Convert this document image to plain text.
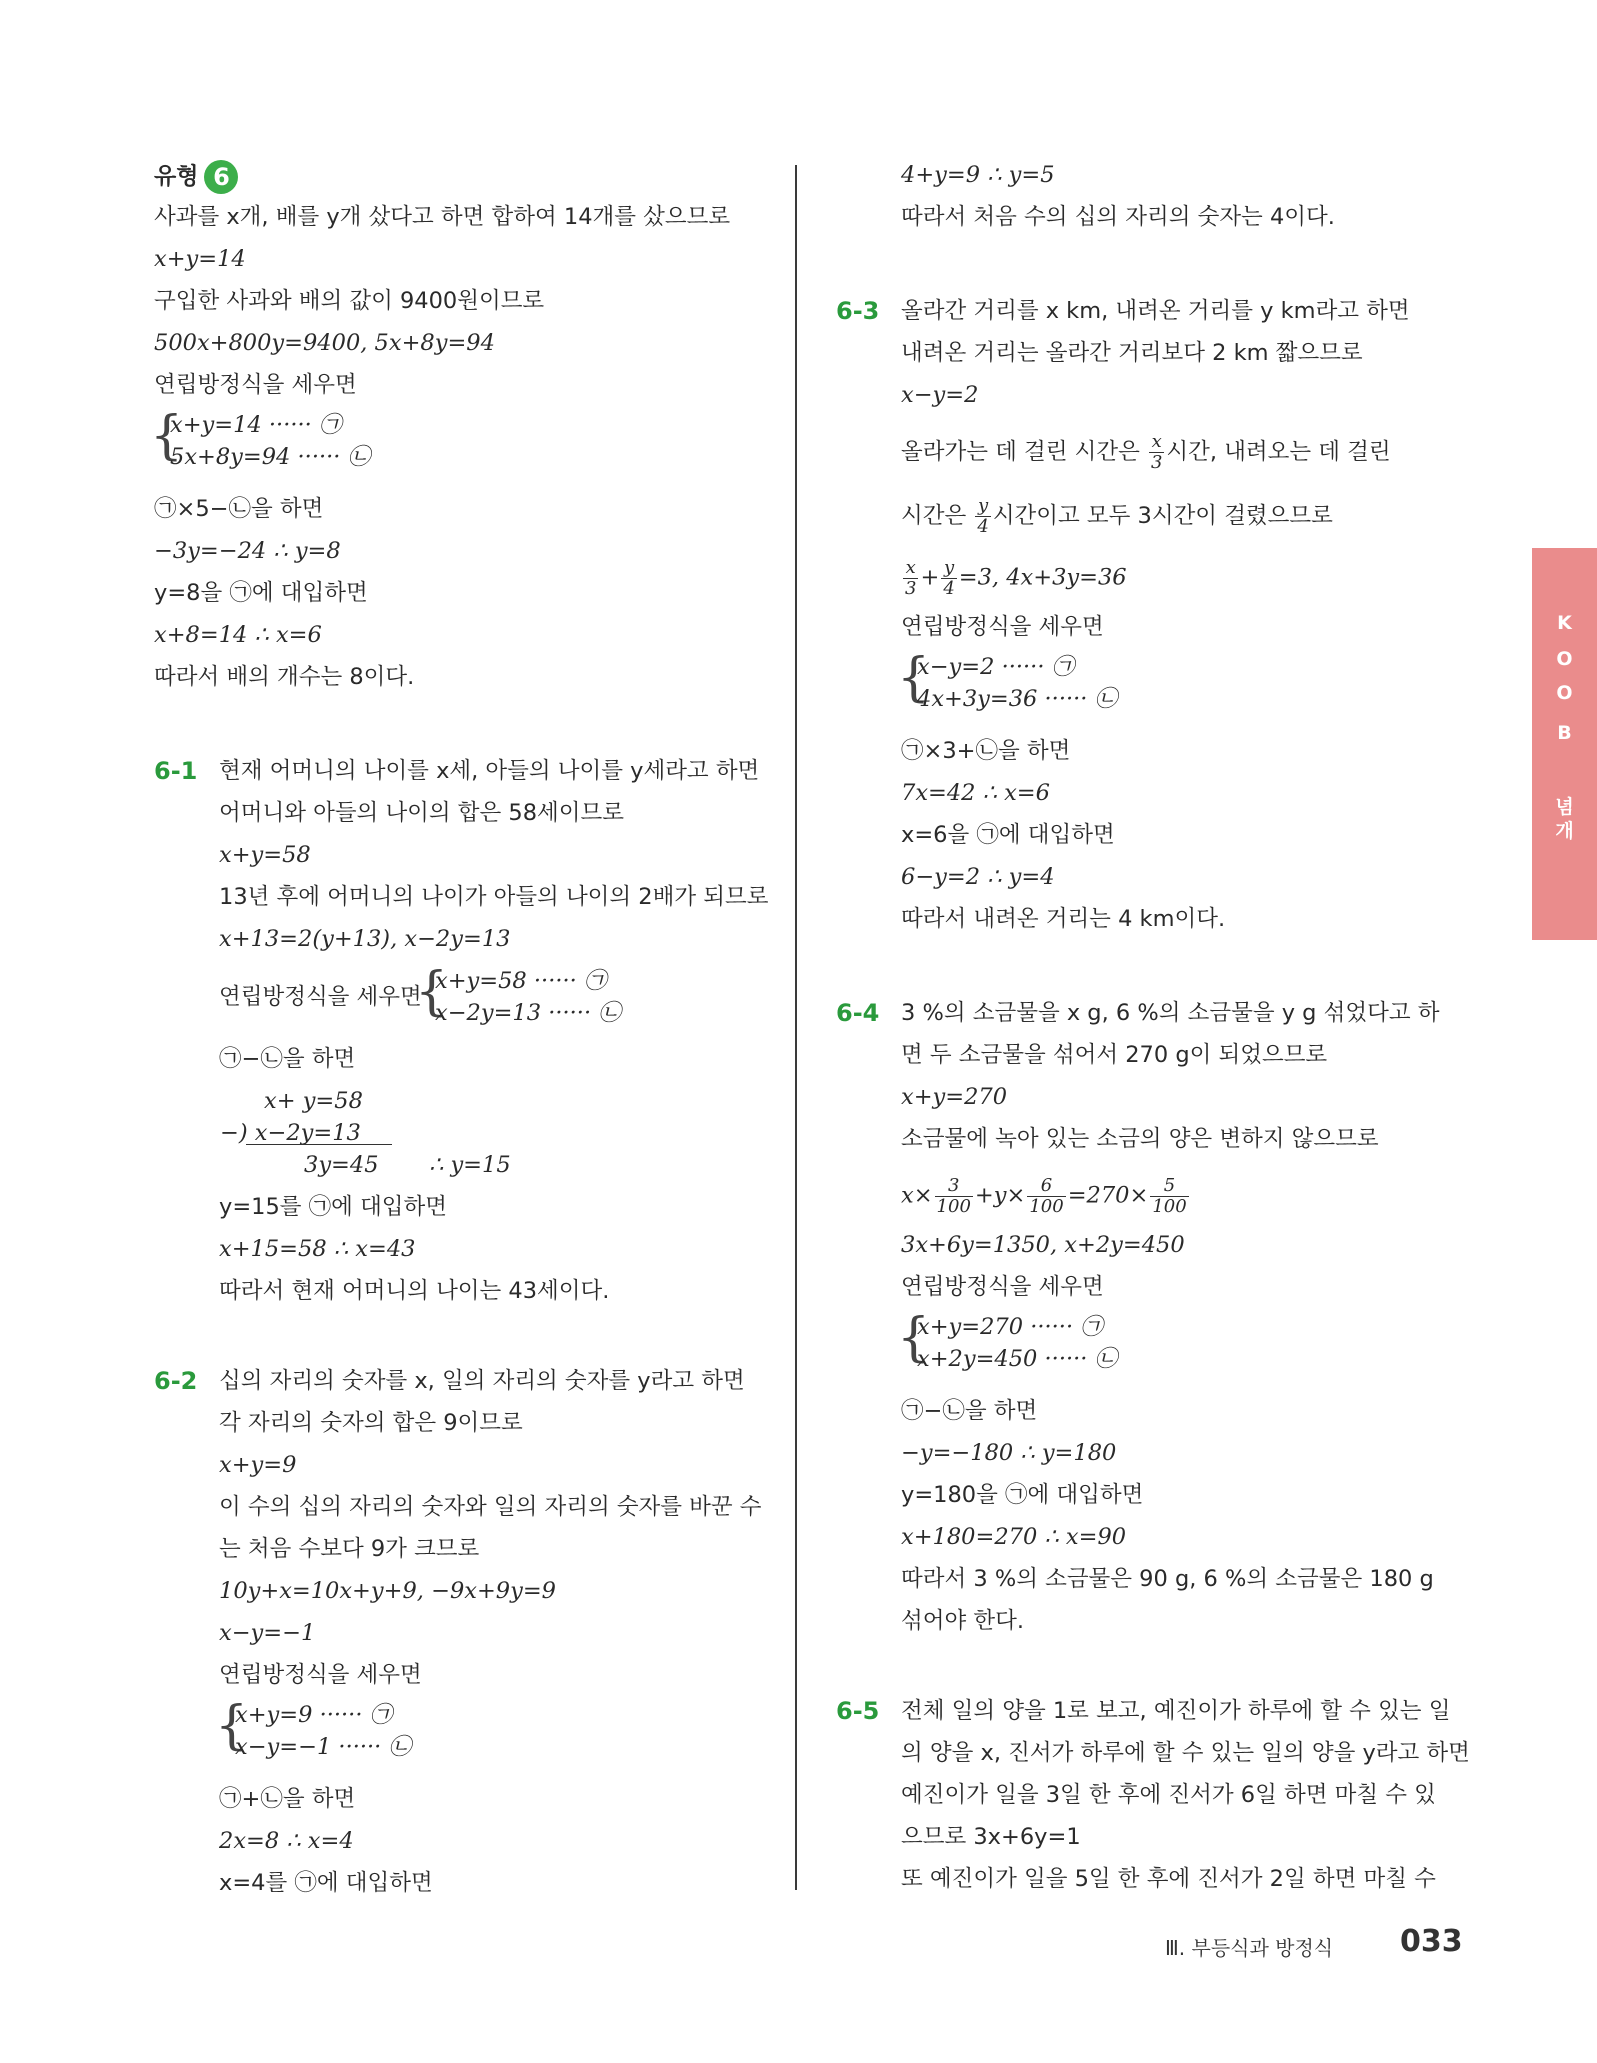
유형 6
사과를 x개, 배를 y개 샀다고 하면 합하여 14개를 샀으므로
x+y=14
구입한 사과와 배의 값이 9400원이므로
500x+800y=9400, 5x+8y=94
연립방정식을 세우면
{
x+y=14 ······ ㉠
5x+8y=94 ······ ㉡
㉠×5−㉡을 하면
−3y=−24 ∴ y=8
y=8을 ㉠에 대입하면
x+8=14 ∴ x=6
따라서 배의 개수는 8이다.
6-1 현재 어머니의 나이를 x세, 아들의 나이를 y세라고 하면
어머니와 아들의 나이의 합은 58세이므로
x+y=58
13년 후에 어머니의 나이가 아들의 나이의 2배가 되므로
x+13=2(y+13), x−2y=13
연립방정식을 세우면
{
x+y=58 ······ ㉠
x−2y=13 ······ ㉡
㉠−㉡을 하면
x+ y=58
−) x−2y=13
3y=45 ∴ y=15
y=15를 ㉠에 대입하면
x+15=58 ∴ x=43
따라서 현재 어머니의 나이는 43세이다.
6-2 십의 자리의 숫자를 x, 일의 자리의 숫자를 y라고 하면
각 자리의 숫자의 합은 9이므로
x+y=9
이 수의 십의 자리의 숫자와 일의 자리의 숫자를 바꾼 수
는 처음 수보다 9가 크므로
10y+x=10x+y+9, −9x+9y=9
x−y=−1
연립방정식을 세우면
{
x+y=9 ······ ㉠
x−y=−1 ······ ㉡
㉠+㉡을 하면
2x=8 ∴ x=4
x=4를 ㉠에 대입하면
4+y=9 ∴ y=5
따라서 처음 수의 십의 자리의 숫자는 4이다.
6-3 올라간 거리를 x km, 내려온 거리를 y km라고 하면
내려온 거리는 올라간 거리보다 2 km 짧으므로
x−y=2
올라가는 데 걸린 시간은 $\frac{x}{3}$ 시간, 내려오는 데 걸린
시간은 $\frac{y}{4}$ 시간이고 모두 3시간이 걸렸으므로
$\frac{x}{3} + \frac{y}{4} =3$, 4x+3y=36
연립방정식을 세우면
{
x−y=2 ······ ㉠
4x+3y=36 ······ ㉡
㉠×3+㉡을 하면
7x=42 ∴ x=6
x=6을 ㉠에 대입하면
6−y=2 ∴ y=4
따라서 내려온 거리는 4 km이다.
6-4 3 %의 소금물을 x g, 6 %의 소금물을 y g 섞었다고 하
면 두 소금물을 섞어서 270 g이 되었으므로
x+y=270
소금물에 녹아 있는 소금의 양은 변하지 않으므로
$x\times \frac{3}{100} +y\times \frac{6}{100} =270\times \frac{5}{100}$
3x+6y=1350, x+2y=450
연립방정식을 세우면
{
x+y=270 ······ ㉠
x+2y=450 ······ ㉡
㉠−㉡을 하면
−y=−180 ∴ y=180
y=180을 ㉠에 대입하면
x+180=270 ∴ x=90
따라서 3 %의 소금물은 90 g, 6 %의 소금물은 180 g
섞어야 한다.
6-5 전체 일의 양을 1로 보고, 예진이가 하루에 할 수 있는 일
의 양을 x, 진서가 하루에 할 수 있는 일의 양을 y라고 하면
예진이가 일을 3일 한 후에 진서가 6일 하면 마칠 수 있
으므로 3x+6y=1
또 예진이가 일을 5일 한 후에 진서가 2일 하면 마칠 수
개
념
B
O
O
K
Ⅲ. 부등식과 방정식 033
